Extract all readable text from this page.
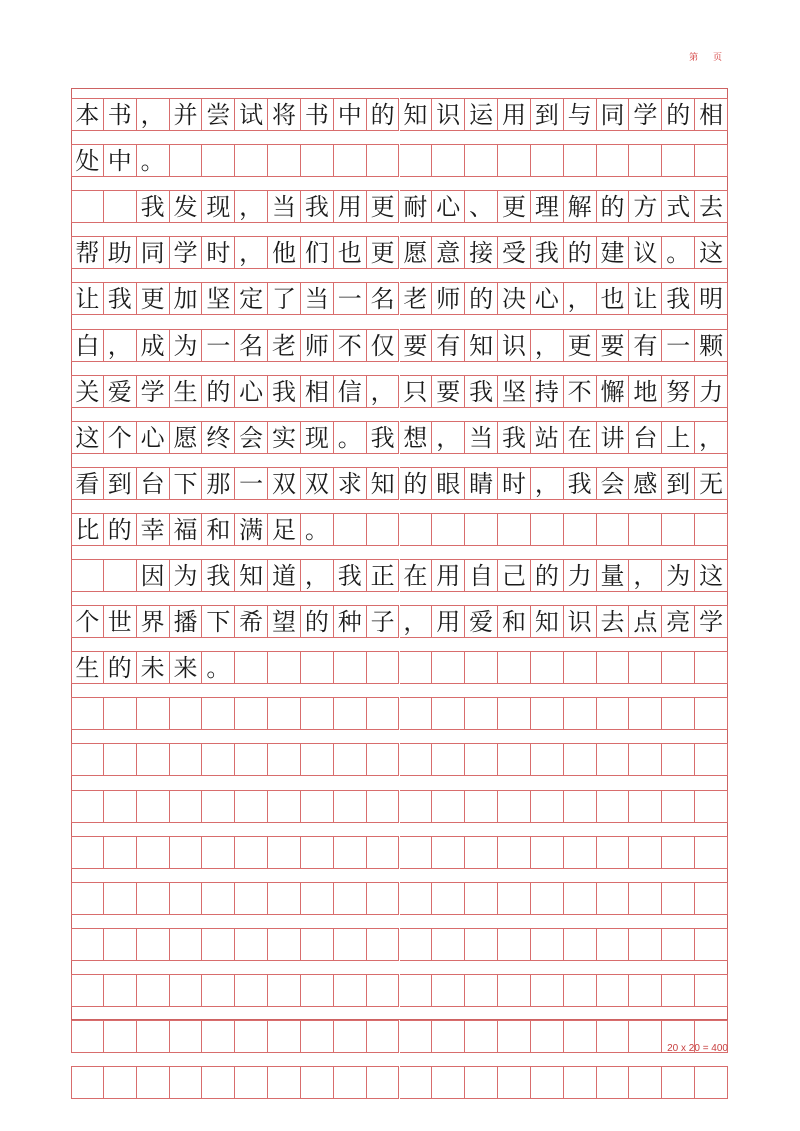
第 页
本 书 ， 并 尝 试 将 书 中 的 知 识 运 用 到 与 同 学 的 相
处 中 。
我 发 现 ， 当 我 用 更 耐 心 、 更 理 解 的 方 式 去
帮 助 同 学 时 ， 他 们 也 更 愿 意 接 受 我 的 建 议 。 这
让 我 更 加 坚 定 了 当 一 名 老 师 的 决 心 ， 也 让 我 明
白 ， 成 为 一 名 老 师 不 仅 要 有 知 识 ， 更 要 有 一 颗
关 爱 学 生 的 心 我 相 信 ， 只 要 我 坚 持 不 懈 地 努 力
这 个 心 愿 终 会 实 现 。 我 想 ， 当 我 站 在 讲 台 上 ，
看 到 台 下 那 一 双 双 求 知 的 眼 睛 时 ， 我 会 感 到 无
比 的 幸 福 和 满 足 。
因 为 我 知 道 ， 我 正 在 用 自 己 的 力 量 ， 为 这
个 世 界 播 下 希 望 的 种 子 ， 用 爱 和 知 识 去 点 亮 学
生 的 未 来 。
20 x 20 = 400
